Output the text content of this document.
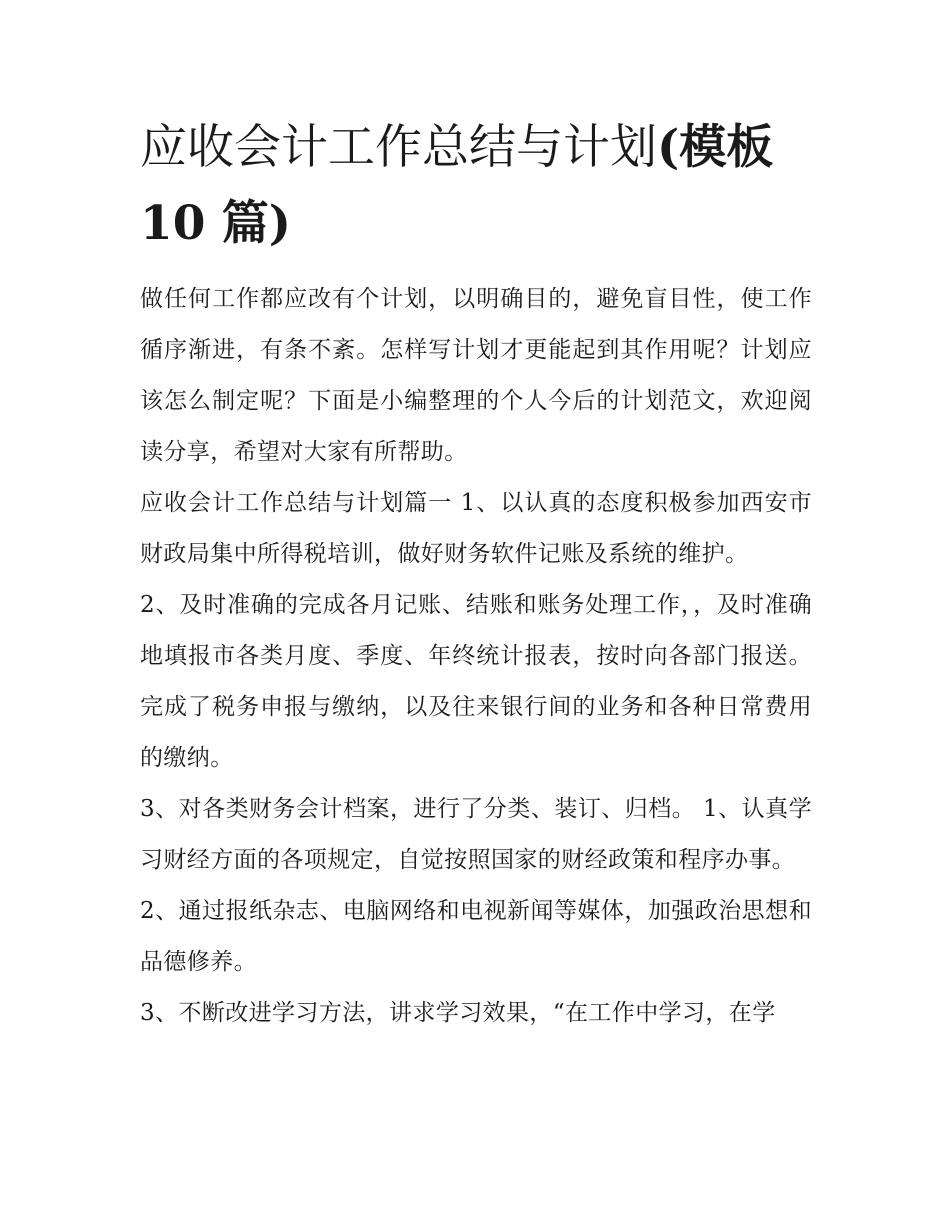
应收会计工作总结与计划(模板
10 篇)

做任何工作都应改有个计划，以明确目的，避免盲目性，使工作循序渐进，有条不紊。怎样写计划才更能起到其作用呢？计划应该怎么制定呢？下面是小编整理的个人今后的计划范文，欢迎阅读分享，希望对大家有所帮助。

应收会计工作总结与计划篇一 1、以认真的态度积极参加西安市财政局集中所得税培训，做好财务软件记账及系统的维护。

2、及时准确的完成各月记账、结账和账务处理工作，，及时准确地填报市各类月度、季度、年终统计报表，按时向各部门报送。完成了税务申报与缴纳，以及往来银行间的业务和各种日常费用的缴纳。

3、对各类财务会计档案，进行了分类、装订、归档。 1、认真学习财经方面的各项规定，自觉按照国家的财经政策和程序办事。

2、通过报纸杂志、电脑网络和电视新闻等媒体，加强政治思想和品德修养。

3、不断改进学习方法，讲求学习效果，“在工作中学习，在学
